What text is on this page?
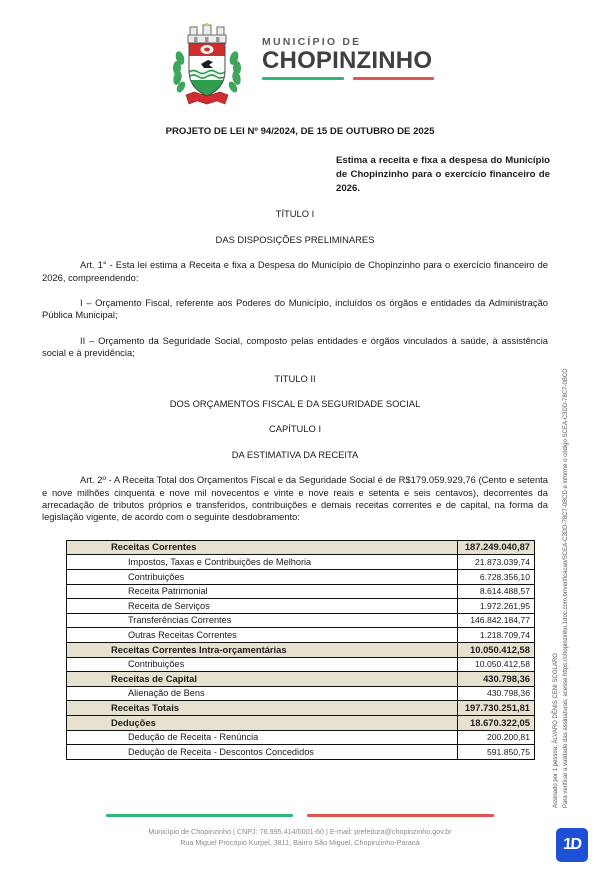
MUNICÍPIO DE
CHOPINZINHO
PROJETO DE LEI Nº 94/2024, DE 15 DE OUTUBRO DE 2025
Estima a receita e fixa a despesa do Município de Chopinzinho para o exercício financeiro de 2026.
TÍTULO I
DAS DISPOSIÇÕES PRELIMINARES
Art. 1° - Esta lei estima a Receita e fixa a Despesa do Município de Chopinzinho para o exercício financeiro de 2026, compreendendo:
I – Orçamento Fiscal, referente aos Poderes do Município, incluídos os órgãos e entidades da Administração Pública Municipal;
II – Orçamento da Seguridade Social, composto pelas entidades e órgãos vinculados à saúde, à assistência social e à previdência;
TITULO II
DOS ORÇAMENTOS FISCAL E DA SEGURIDADE SOCIAL
CAPÍTULO I
DA ESTIMATIVA DA RECEITA
Art. 2º - A Receita Total dos Orçamentos Fiscal e da Seguridade Social é de R$179.059.929,76 (Cento e setenta e nove milhões cinquenta e nove mil novecentos e vinte e nove reais e setenta e seis centavos), decorrentes da arrecadação de tributos próprios e transferidos, contribuições e demais receitas correntes e de capital, na forma da legislação vigente, de acordo com o seguinte desdobramento:
Receitas Correntes	187.249.040,87
Impostos, Taxas e Contribuições de Melhoria	21.873.039,74
Contribuições	6.728.356,10
Receita Patrimonial	8.614.488,57
Receita de Serviços	1.972.261,95
Transferências Correntes	146.842.184,77
Outras Receitas Correntes	1.218.709,74
Receitas Correntes Intra-orçamentárias	10.050.412,58
Contribuições	10.050.412,58
Receitas de Capital	430.798,36
Alienação de Bens	430.798,36
Receitas Totais	197.730.251,81
Deduções	18.670.322,05
Dedução de Receita - Renúncia	200.200,81
Dedução de Receita - Descontos Concedidos	591.850,75
Município de Chopinzinho | CNPJ: 76.995.414/0001-60 | E-mail: prefeitura@chopinzinho.gov.br
Rua Miguel Procópio Kurpel, 3811, Bairro São Miguel, Chopinzinho-Paraná
Assinado por 1 pessoa: ÁLVARO DÊNIS CENI SCOLARO Para verificar a validade das assinaturas, acesse https://chopinzinho.1doc.com.br/verificacao/SCEA-C3DD-78C7-0BCD e informe o código SCEA-C3DD-78C7-0BCD
1D
